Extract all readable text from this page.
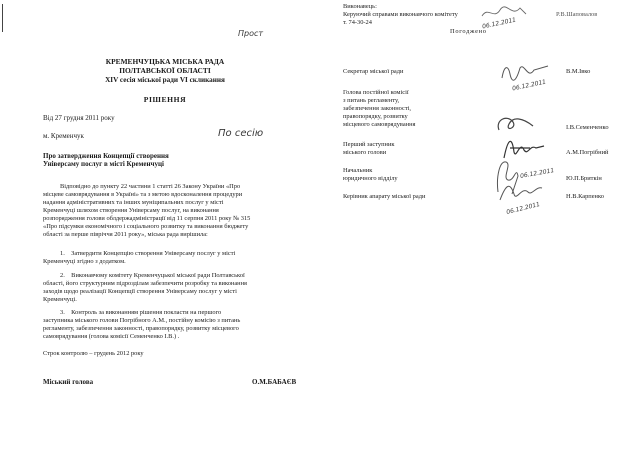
Прост
КРЕМЕНЧУЦЬКА МІСЬКА РАДА
ПОЛТАВСЬКОЇ ОБЛАСТІ
XIV сесія міської ради VI скликання
РІШЕННЯ
Від 27 грудня 2011 року
м. Кременчук	По сесію
Про затвердження Концепції створення
Універсаму послуг в місті Кременчуці
Відповідно до пункту 22 частини 1 статті 26 Закону України «Про
місцеве самоврядування в Україні» та з метою вдосконалення процедури
надання адміністративних та інших муніципальних послуг у місті
Кременчуці шляхом створення Універсаму послуг, на виконання
розпорядження голови облдержадміністрації від 11 серпня 2011 року № 315
«Про підсумки економічного і соціального розвитку та виконання бюджету
області за перше півріччя 2011 року», міська рада вирішила:
1.    Затвердити Концепцію створення Універсаму послуг у місті
Кременчуці згідно з додатком.
2.    Виконавчому комітету Кременчуцької міської ради Полтавської
області, його структурним підрозділам забезпечити розробку та виконання
заходів щодо реалізації Концепції створення Універсаму послуг у місті
Кременчуці.
3.    Контроль за виконанням рішення покласти на першого
заступника міського голови Погрібного А.М., постійну комісію з питань
регламенту, забезпечення законності, правопорядку, розвитку місцевого
самоврядування (голова комісії Семенченко І.В.) .
Строк контролю – грудень 2012 року
Міський голова	О.М.БАБАЄВ
Виконавець:
Керуючий справами виконавчого комітету
т. 74-30-24	06.12.2011
Р.В.Шаповалов
Погоджено
Секретар міської ради	В.М.Івко
06.12.2011
Голова постійної комісії
з питань регламенту,
забезпечення законності,
правопорядку, розвитку
місцевого самоврядування	І.В.Семенченко
Перший заступник
міського голови	А.М.Погрібний
Начальник
юридичного відділу	Ю.П.Бриткін
06.12.2011
Керівник апарату міської ради	Н.В.Карпенко
06.12.2011
